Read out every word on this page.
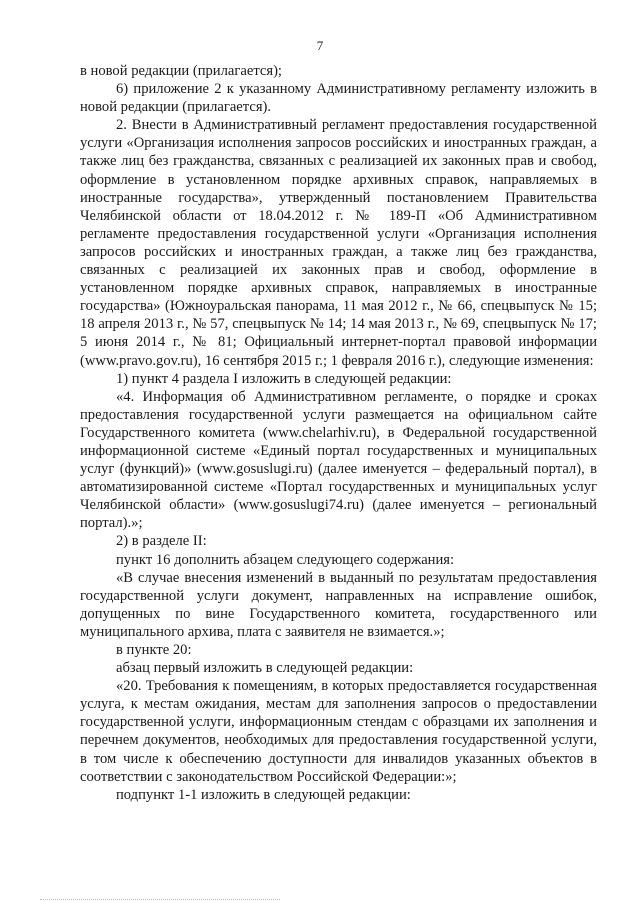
7

в новой редакции (прилагается);

6) приложение 2 к указанному Административному регламенту изложить в новой редакции (прилагается).

2. Внести в Административный регламент предоставления государственной услуги «Организация исполнения запросов российских и иностранных граждан, а также лиц без гражданства, связанных с реализацией их законных прав и свобод, оформление в установленном порядке архивных справок, направляемых в иностранные государства», утвержденный постановлением Правительства Челябинской области от 18.04.2012 г. № 189-П «Об Административном регламенте предоставления государственной услуги «Организация исполнения запросов российских и иностранных граждан, а также лиц без гражданства, связанных с реализацией их законных прав и свобод, оформление в установленном порядке архивных справок, направляемых в иностранные государства» (Южноуральская панорама, 11 мая 2012 г., № 66, спецвыпуск № 15; 18 апреля 2013 г., № 57, спецвыпуск № 14; 14 мая 2013 г., № 69, спецвыпуск № 17; 5 июня 2014 г., № 81; Официальный интернет-портал правовой информации (www.pravo.gov.ru), 16 сентября 2015 г.; 1 февраля 2016 г.), следующие изменения:

1) пункт 4 раздела I изложить в следующей редакции:

«4. Информация об Административном регламенте, о порядке и сроках предоставления государственной услуги размещается на официальном сайте Государственного комитета (www.chelarhiv.ru), в Федеральной государственной информационной системе «Единый портал государственных и муниципальных услуг (функций)» (www.gosuslugi.ru) (далее именуется – федеральный портал), в автоматизированной системе «Портал государственных и муниципальных услуг Челябинской области» (www.gosuslugi74.ru) (далее именуется – региональный портал).»;

2) в разделе II:

пункт 16 дополнить абзацем следующего содержания:

«В случае внесения изменений в выданный по результатам предоставления государственной услуги документ, направленных на исправление ошибок, допущенных по вине Государственного комитета, государственного или муниципального архива, плата с заявителя не взимается.»;

в пункте 20:

абзац первый изложить в следующей редакции:

«20. Требования к помещениям, в которых предоставляется государственная услуга, к местам ожидания, местам для заполнения запросов о предоставлении государственной услуги, информационным стендам с образцами их заполнения и перечнем документов, необходимых для предоставления государственной услуги, в том числе к обеспечению доступности для инвалидов указанных объектов в соответствии с законодательством Российской Федерации:»;

подпункт 1-1 изложить в следующей редакции:
